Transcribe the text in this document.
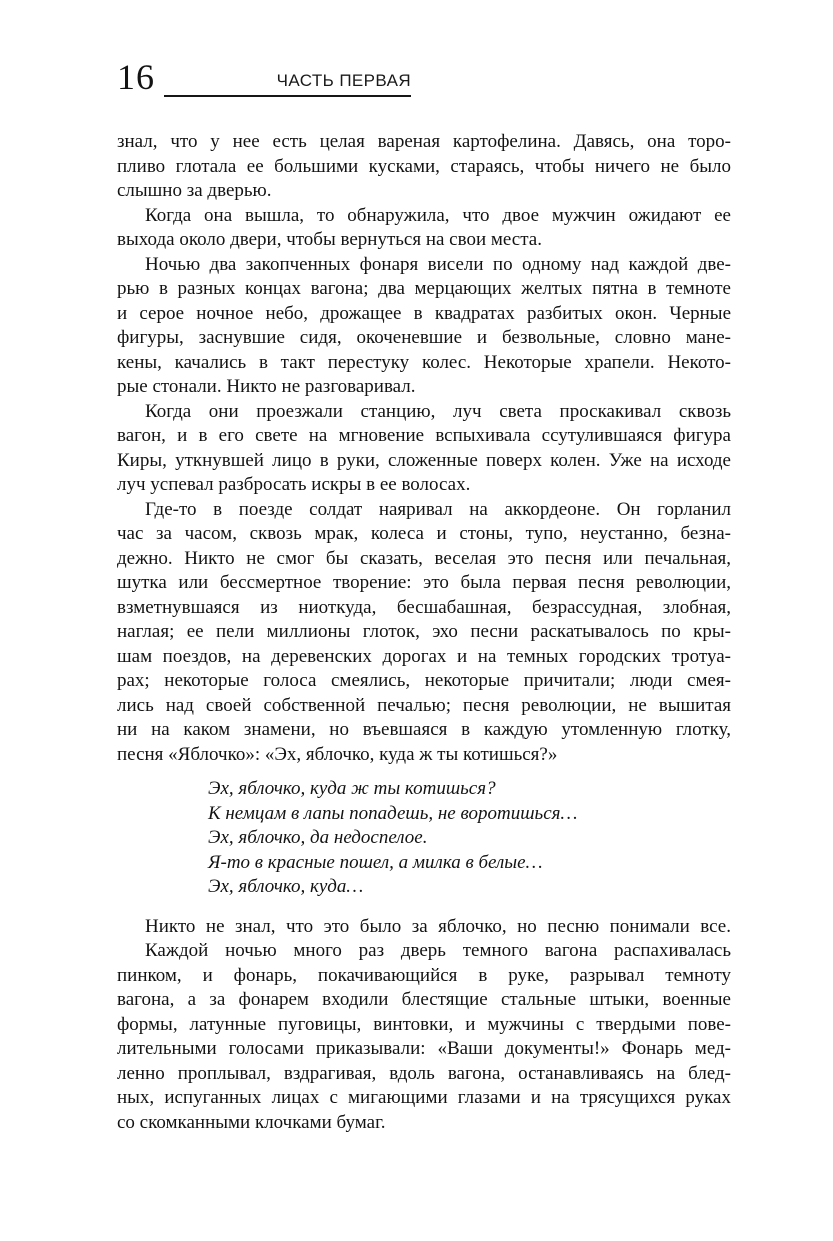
16	ЧАСТЬ ПЕРВАЯ
знал, что у нее есть целая вареная картофелина. Давясь, она торо-
пливо глотала ее большими кусками, стараясь, чтобы ничего не было
слышно за дверью.
Когда она вышла, то обнаружила, что двое мужчин ожидают ее
выхода около двери, чтобы вернуться на свои места.
Ночью два закопченных фонаря висели по одному над каждой две-
рью в разных концах вагона; два мерцающих желтых пятна в темноте
и серое ночное небо, дрожащее в квадратах разбитых окон. Черные
фигуры, заснувшие сидя, окоченевшие и безвольные, словно мане-
кены, качались в такт перестуку колес. Некоторые храпели. Некото-
рые стонали. Никто не разговаривал.
Когда они проезжали станцию, луч света проскакивал сквозь
вагон, и в его свете на мгновение вспыхивала ссутулившаяся фигура
Киры, уткнувшей лицо в руки, сложенные поверх колен. Уже на исходе
луч успевал разбросать искры в ее волосах.
Где-то в поезде солдат наяривал на аккордеоне. Он горланил
час за часом, сквозь мрак, колеса и стоны, тупо, неустанно, безна-
дежно. Никто не смог бы сказать, веселая это песня или печальная,
шутка или бессмертное творение: это была первая песня революции,
взметнувшаяся из ниоткуда, бесшабашная, безрассудная, злобная,
наглая; ее пели миллионы глоток, эхо песни раскатывалось по кры-
шам поездов, на деревенских дорогах и на темных городских тротуа-
рах; некоторые голоса смеялись, некоторые причитали; люди смея-
лись над своей собственной печалью; песня революции, не вышитая
ни на каком знамени, но въевшаяся в каждую утомленную глотку,
песня «Яблочко»: «Эх, яблочко, куда ж ты котишься?»
Эх, яблочко, куда ж ты котишься?
К немцам в лапы попадешь, не воротишься…
Эх, яблочко, да недоспелое.
Я-то в красные пошел, а милка в белые…
Эх, яблочко, куда…
Никто не знал, что это было за яблочко, но песню понимали все.
Каждой ночью много раз дверь темного вагона распахивалась
пинком, и фонарь, покачивающийся в руке, разрывал темноту
вагона, а за фонарем входили блестящие стальные штыки, военные
формы, латунные пуговицы, винтовки, и мужчины с твердыми пове-
лительными голосами приказывали: «Ваши документы!» Фонарь мед-
ленно проплывал, вздрагивая, вдоль вагона, останавливаясь на блед-
ных, испуганных лицах с мигающими глазами и на трясущихся руках
со скомканными клочками бумаг.
